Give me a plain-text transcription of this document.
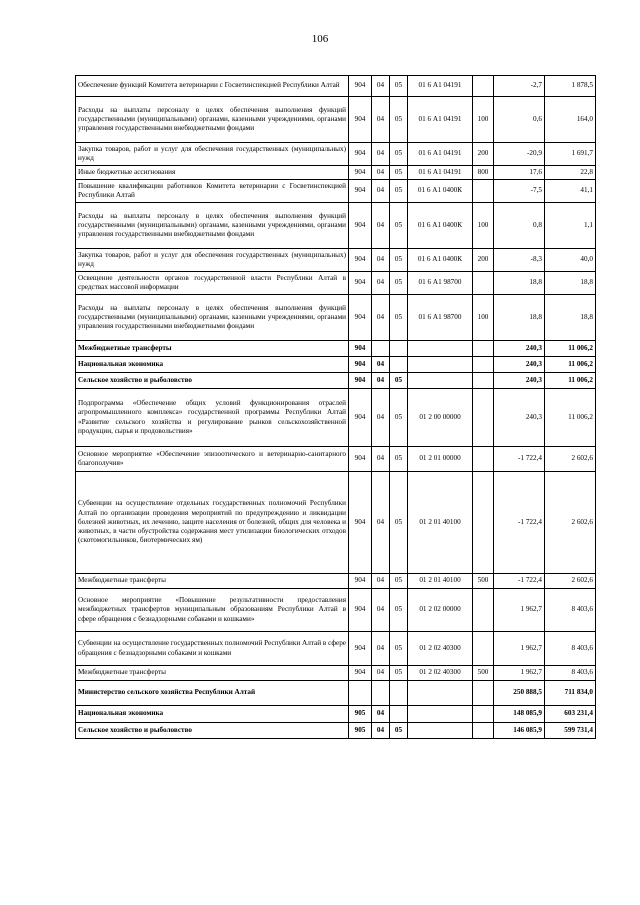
106
Обеспечение функций Комитета ветеринарии с Госветинспекцией Республики Алтай	904	04	05	01 6 А1 04191		-2,7	1 878,5
Расходы на выплаты персоналу в целях обеспечения выполнения функций государственными (муниципальными) органами, казенными учреждениями, органами управления государственными внебюджетными фондами	904	04	05	01 6 А1 04191	100	0,6	164,0
Закупка товаров, работ и услуг для обеспечения государственных (муниципальных) нужд	904	04	05	01 6 А1 04191	200	-20,9	1 691,7
Иные бюджетные ассигнования	904	04	05	01 6 А1 04191	800	17,6	22,8
Повышение квалификации работников Комитета ветеринарии с Госветинспекцией Республики Алтай	904	04	05	01 6 А1 0400К		-7,5	41,1
Расходы на выплаты персоналу в целях обеспечения выполнения функций государственными (муниципальными) органами, казенными учреждениями, органами управления государственными внебюджетными фондами	904	04	05	01 6 А1 0400К	100	0,8	1,1
Закупка товаров, работ и услуг для обеспечения государственных (муниципальных) нужд	904	04	05	01 6 А1 0400К	200	-8,3	40,0
Освещение деятельности органов государственной власти Республики Алтай в средствах массовой информации	904	04	05	01 6 А1 98700		18,8	18,8
Расходы на выплаты персоналу в целях обеспечения выполнения функций государственными (муниципальными) органами, казенными учреждениями, органами управления государственными внебюджетными фондами	904	04	05	01 6 А1 98700	100	18,8	18,8
Межбюджетные трансферты	904					240,3	11 006,2
Национальная экономика	904	04				240,3	11 006,2
Сельское хозяйство и рыболовство	904	04	05			240,3	11 006,2
Подпрограмма «Обеспечение общих условий функционирования отраслей агропромышленного комплекса» государственной программы Республики Алтай «Развитие сельского хозяйства и регулирование рынков сельскохозяйственной продукции, сырья и продовольствия»	904	04	05	01 2 00 00000		240,3	11 006,2
Основное мероприятие «Обеспечение эпизоотического и ветеринарно-санитарного благополучия»	904	04	05	01 2 01 00000		-1 722,4	2 602,6
Субвенции на осуществление отдельных государственных полномочий Республики Алтай по организации проведения мероприятий по предупреждению и ликвидации болезней животных, их лечению, защите населения от болезней, общих для человека и животных, в части обустройства содержания мест утилизации биологических отходов (скотомогильников, биотермических ям)	904	04	05	01 2 01 40100		-1 722,4	2 602,6
Межбюджетные трансферты	904	04	05	01 2 01 40100	500	-1 722,4	2 602,6
Основное мероприятие «Повышение результативности предоставления межбюджетных трансфертов муниципальным образованиям Республики Алтай в сфере обращения с безнадзорными собаками и кошками»	904	04	05	01 2 02 00000		1 962,7	8 403,6
Субвенции на осуществление государственных полномочий Республики Алтай в сфере обращения с безнадзорными собаками и кошками	904	04	05	01 2 02 40300		1 962,7	8 403,6
Межбюджетные трансферты	904	04	05	01 2 02 40300	500	1 962,7	8 403,6
Министерство сельского хозяйства Республики Алтай						250 888,5	711 834,0
Национальная экономика	905	04				148 085,9	603 231,4
Сельское хозяйство и рыболовство	905	04	05			146 085,9	599 731,4
